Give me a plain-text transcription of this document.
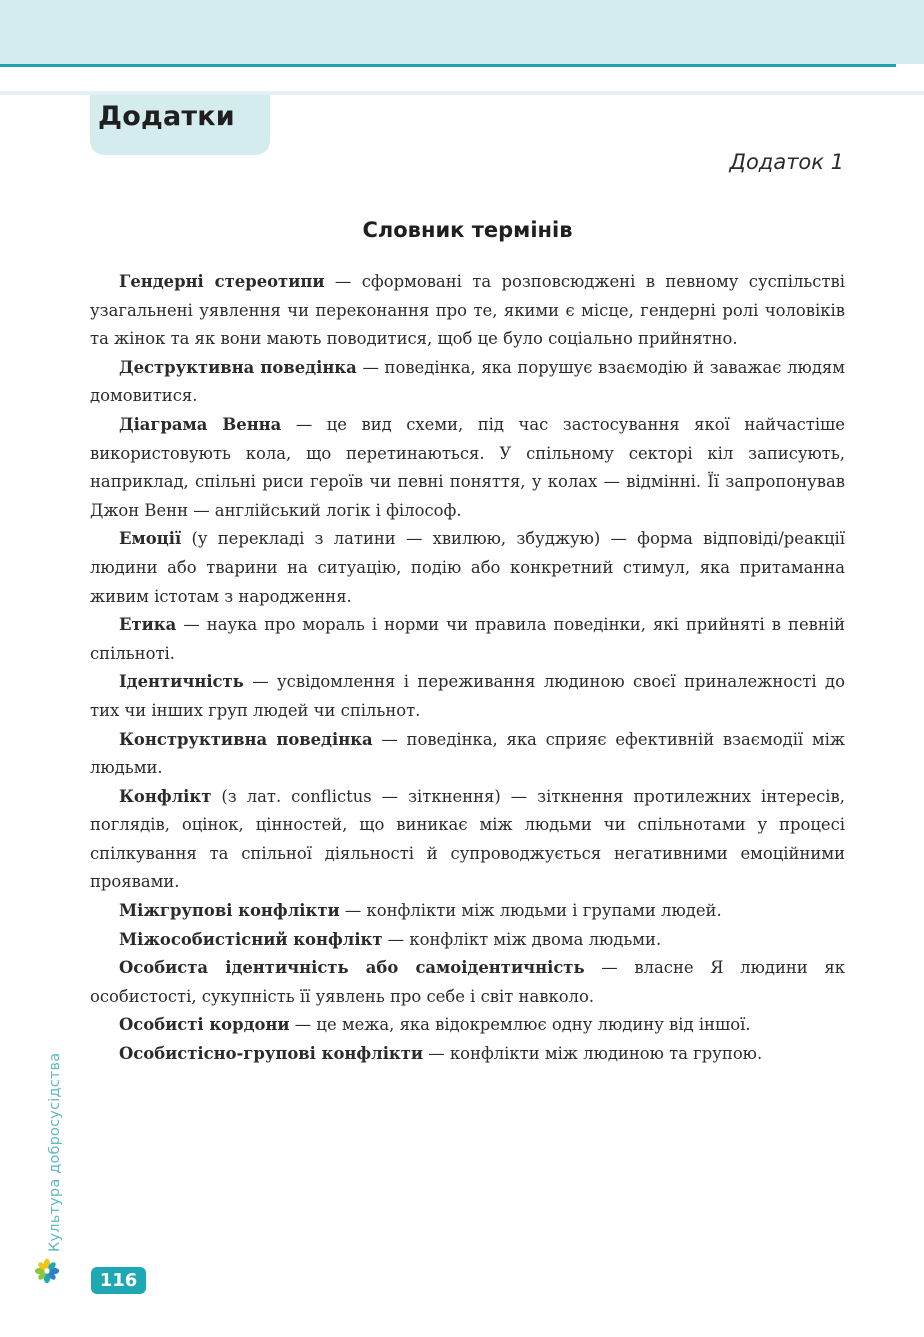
Додатки
Додаток 1
Словник термінів

Гендерні стереотипи — сформовані та розповсюджені в певному суспільстві узагальнені уявлення чи переконання про те, якими є місце, гендерні ролі чоловіків та жінок та як вони мають поводитися, щоб це було соціально прийнятно.

Деструктивна поведінка — поведінка, яка порушує взаємодію й заважає людям домовитися.

Діаграма Венна — це вид схеми, під час застосування якої найчастіше використовують кола, що перетинаються. У спільному секторі кіл записують, наприклад, спільні риси героїв чи певні поняття, у колах — відмінні. Її запропонував Джон Венн — англійський логік і філософ.

Емоції (у перекладі з латини — хвилюю, збуджую) — форма відповіді/реакції людини або тварини на ситуацію, подію або конкретний стимул, яка притаманна живим істотам з народження.

Етика — наука про мораль і норми чи правила поведінки, які прийняті в певній спільноті.

Ідентичність — усвідомлення і переживання людиною своєї приналежності до тих чи інших груп людей чи спільнот.

Конструктивна поведінка — поведінка, яка сприяє ефективній взаємодії між людьми.

Конфлікт (з лат. conflictus — зіткнення) — зіткнення протилежних інтересів, поглядів, оцінок, цінностей, що виникає між людьми чи спільнотами у процесі спілкування та спільної діяльності й супроводжується негативними емоційними проявами.

Міжгрупові конфлікти — конфлікти між людьми і групами людей.

Міжособистісний конфлікт — конфлікт між двома людьми.

Особиста ідентичність або самоідентичність — власне Я людини як особистості, сукупність її уявлень про себе і світ навколо.

Особисті кордони — це межа, яка відокремлює одну людину від іншої.

Особистісно-групові конфлікти — конфлікти між людиною та групою.

Культура добросусідства
116
